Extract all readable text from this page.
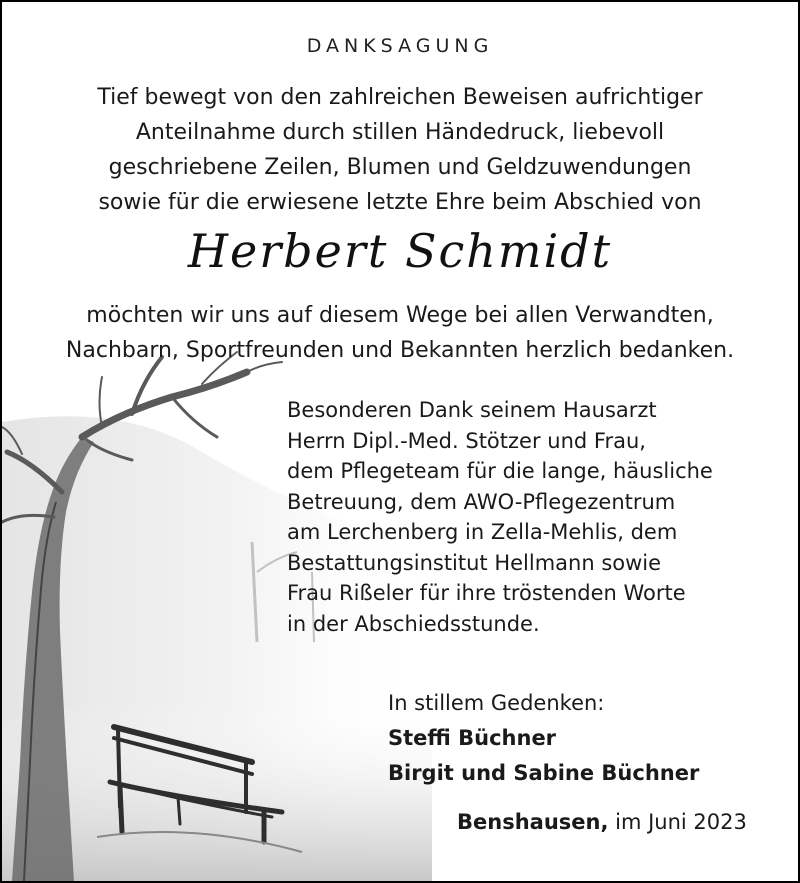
DANKSAGUNG
Tief bewegt von den zahlreichen Beweisen aufrichtiger
Anteilnahme durch stillen Händedruck, liebevoll
geschriebene Zeilen, Blumen und Geldzuwendungen
sowie für die erwiesene letzte Ehre beim Abschied von
Herbert Schmidt
möchten wir uns auf diesem Wege bei allen Verwandten,
Nachbarn, Sportfreunden und Bekannten herzlich bedanken.
Besonderen Dank seinem Hausarzt
Herrn Dipl.-Med. Stötzer und Frau,
dem Pflegeteam für die lange, häusliche
Betreuung, dem AWO-Pflegezentrum
am Lerchenberg in Zella-Mehlis, dem
Bestattungsinstitut Hellmann sowie
Frau Rißeler für ihre tröstenden Worte
in der Abschiedsstunde.
In stillem Gedenken:
Steffi Büchner
Birgit und Sabine Büchner
Benshausen, im Juni 2023
